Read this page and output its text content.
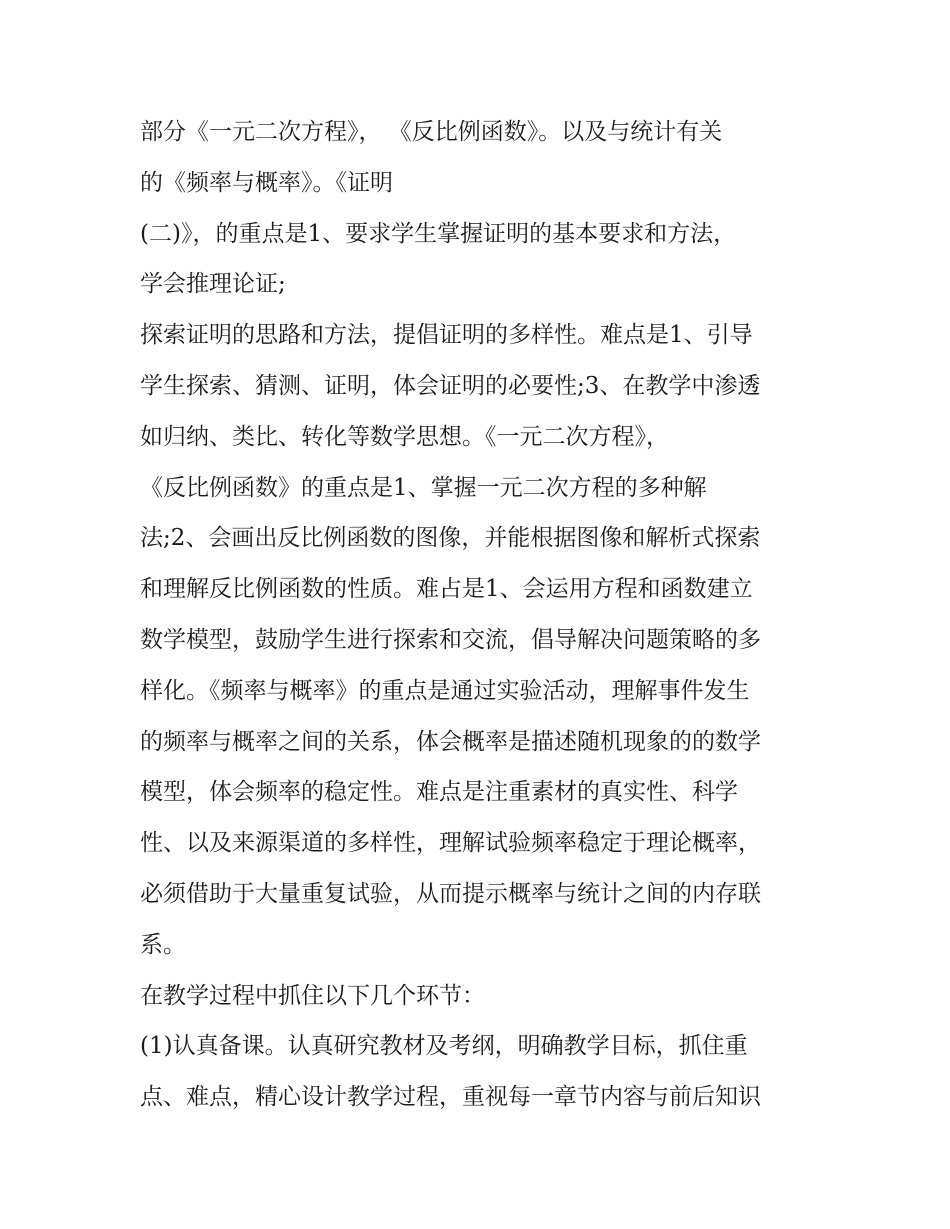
部分《一元二次方程》， 《反比例函数》。以及与统计有关
的《频率与概率》。《证明
(二)》，的重点是1、要求学生掌握证明的基本要求和方法，
学会推理论证;
探索证明的思路和方法，提倡证明的多样性。难点是1、引导
学生探索、猜测、证明，体会证明的必要性;3、在教学中渗透
如归纳、类比、转化等数学思想。《一元二次方程》，
《反比例函数》的重点是1、掌握一元二次方程的多种解
法;2、会画出反比例函数的图像，并能根据图像和解析式探索
和理解反比例函数的性质。难占是1、会运用方程和函数建立
数学模型，鼓励学生进行探索和交流，倡导解决问题策略的多
样化。《频率与概率》的重点是通过实验活动，理解事件发生
的频率与概率之间的关系，体会概率是描述随机现象的的数学
模型，体会频率的稳定性。难点是注重素材的真实性、科学
性、以及来源渠道的多样性，理解试验频率稳定于理论概率，
必须借助于大量重复试验，从而提示概率与统计之间的内存联
系。
在教学过程中抓住以下几个环节：
(1)认真备课。认真研究教材及考纲，明确教学目标，抓住重
点、难点，精心设计教学过程，重视每一章节内容与前后知识
